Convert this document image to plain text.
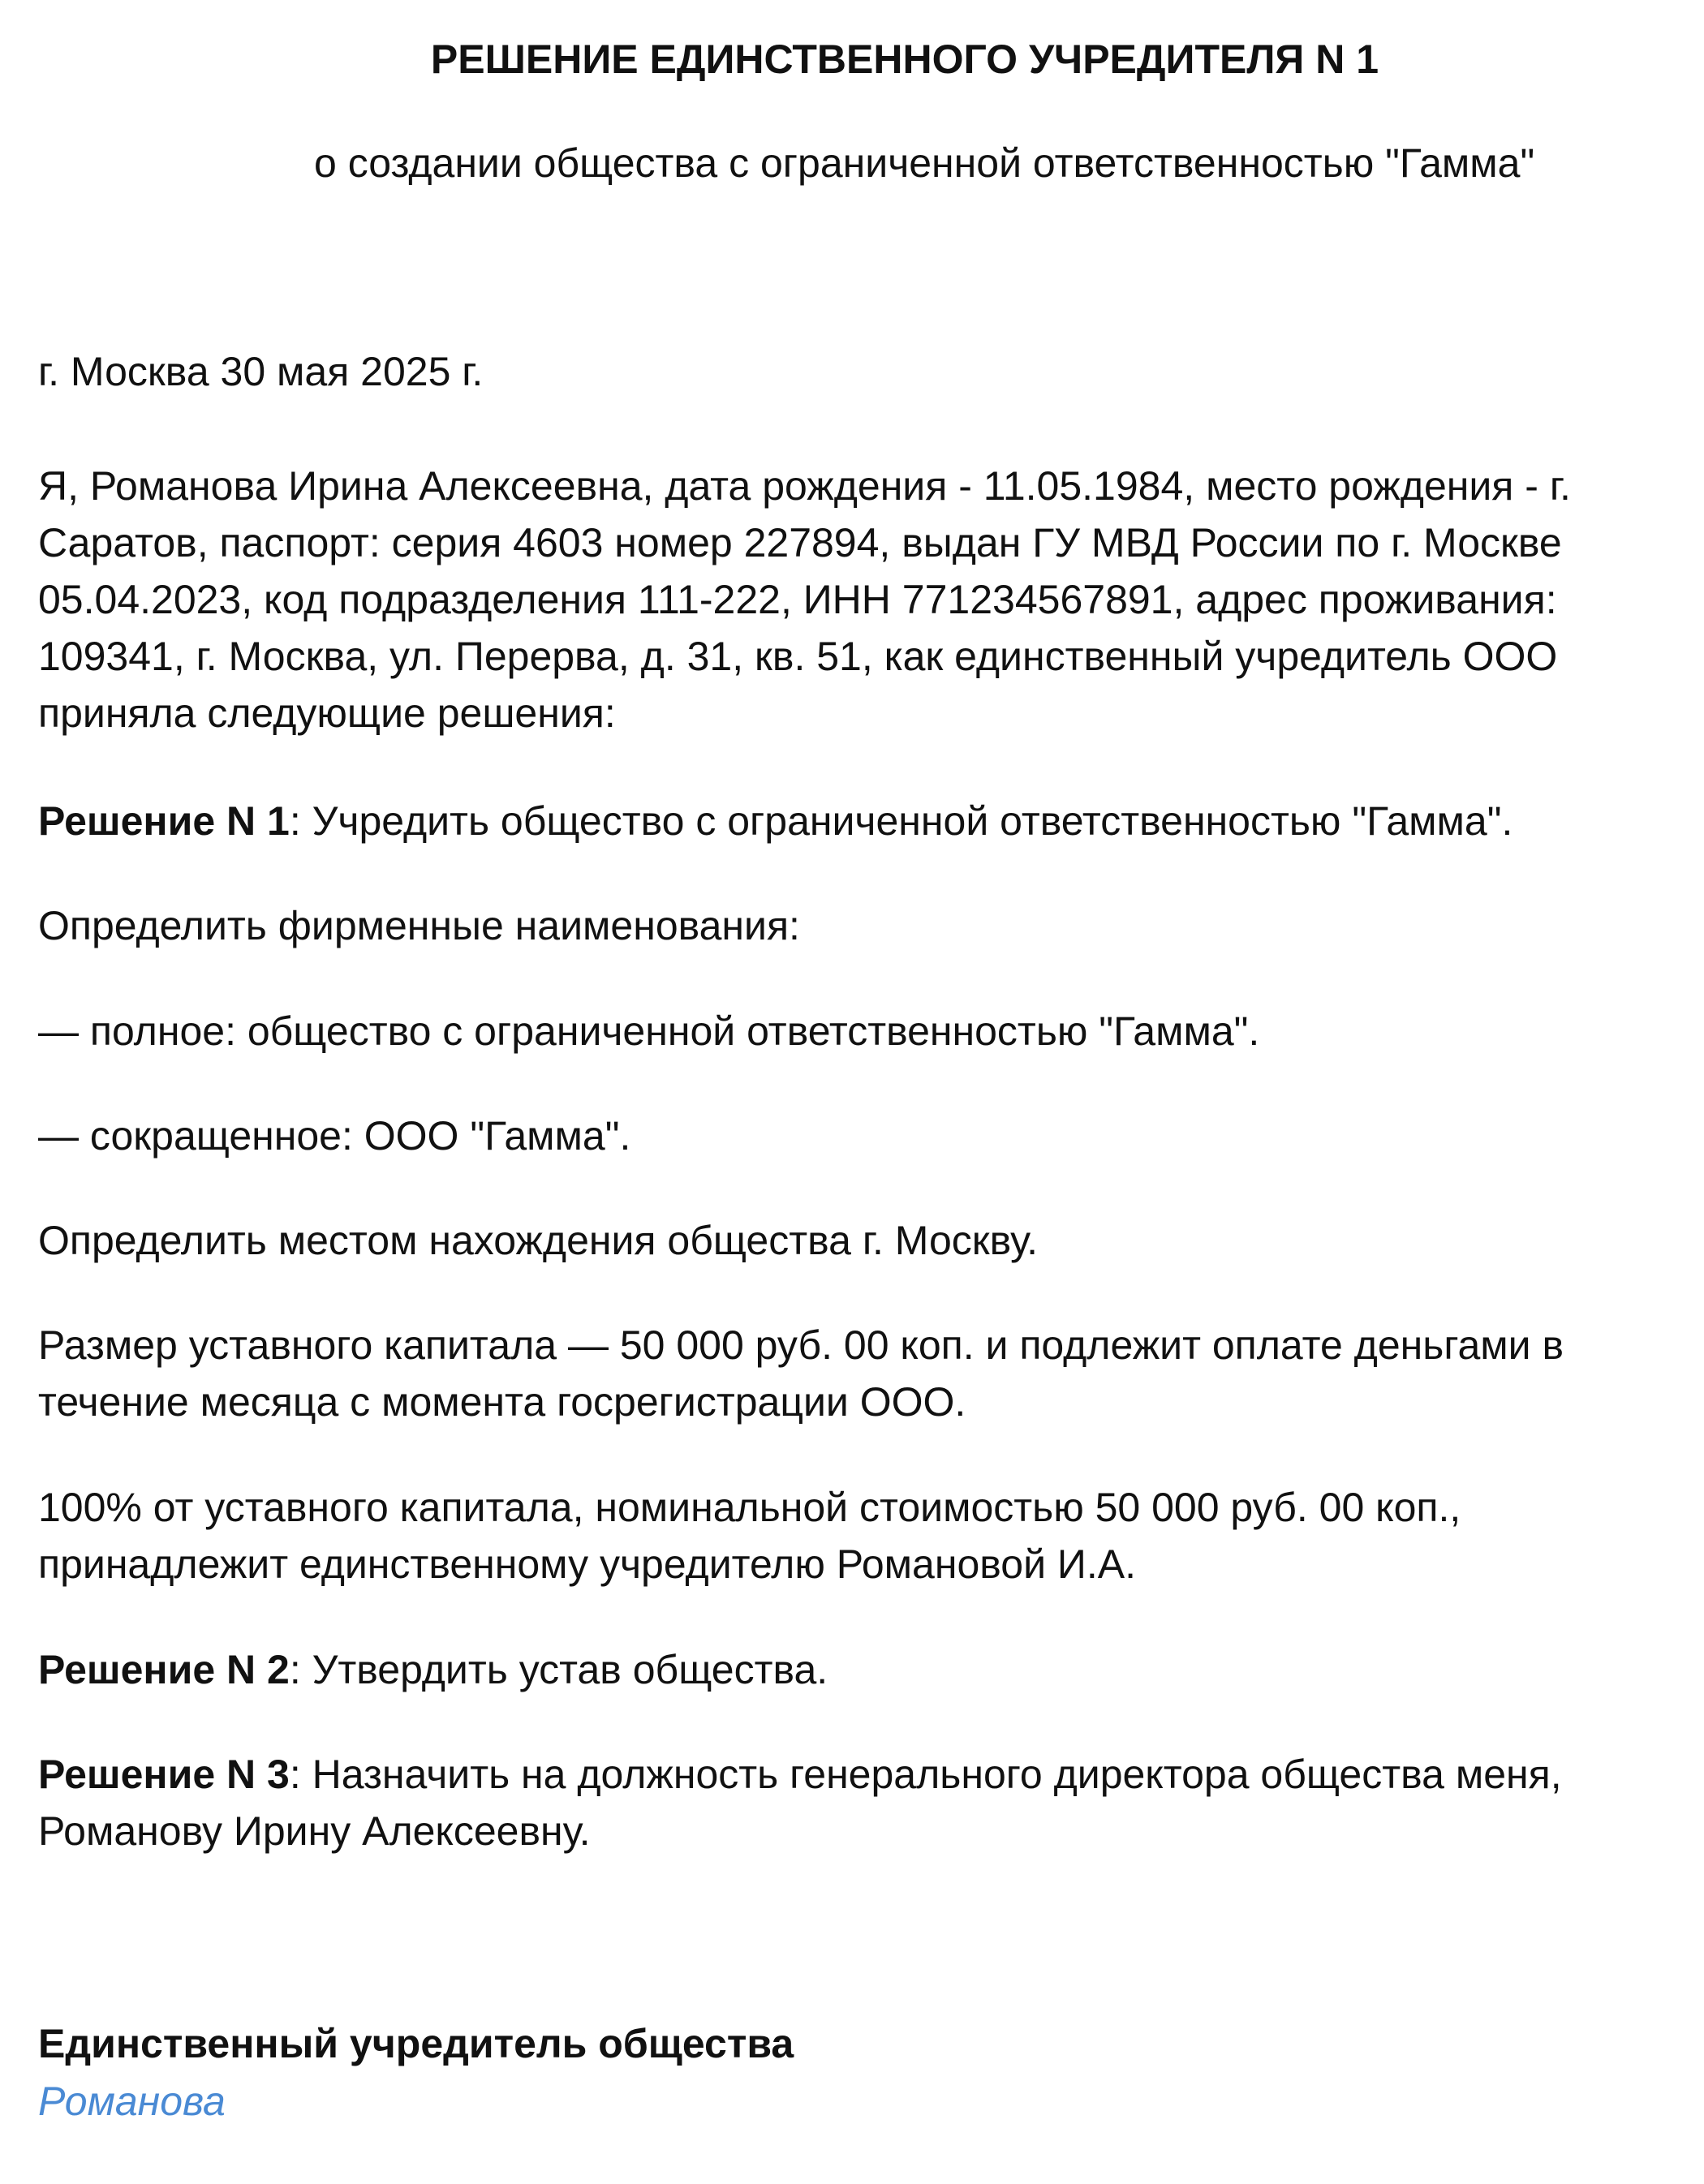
РЕШЕНИЕ ЕДИНСТВЕННОГО УЧРЕДИТЕЛЯ N 1
о создании общества с ограниченной ответственностью "Гамма"

г. Москва 30 мая 2025 г.

Я, Романова Ирина Алексеевна, дата рождения - 11.05.1984, место рождения - г.
Саратов, паспорт: серия 4603 номер 227894, выдан ГУ МВД России по г. Москве
05.04.2023, код подразделения 111-222, ИНН 771234567891, адрес проживания:
109341, г. Москва, ул. Перерва, д. 31, кв. 51, как единственный учредитель ООО
приняла следующие решения:

Решение N 1: Учредить общество с ограниченной ответственностью "Гамма".

Определить фирменные наименования:

— полное: общество с ограниченной ответственностью "Гамма".

— сокращенное: ООО "Гамма".

Определить местом нахождения общества г. Москву.

Размер уставного капитала — 50 000 руб. 00 коп. и подлежит оплате деньгами в
течение месяца с момента госрегистрации ООО.
100% от уставного капитала, номинальной стоимостью 50 000 руб. 00 коп.,
принадлежит единственному учредителю Романовой И.А.

Решение N 2: Утвердить устав общества.

Решение N 3: Назначить на должность генерального директора общества меня,
Романову Ирину Алексеевну.
Единственный учредитель общества
Романова
